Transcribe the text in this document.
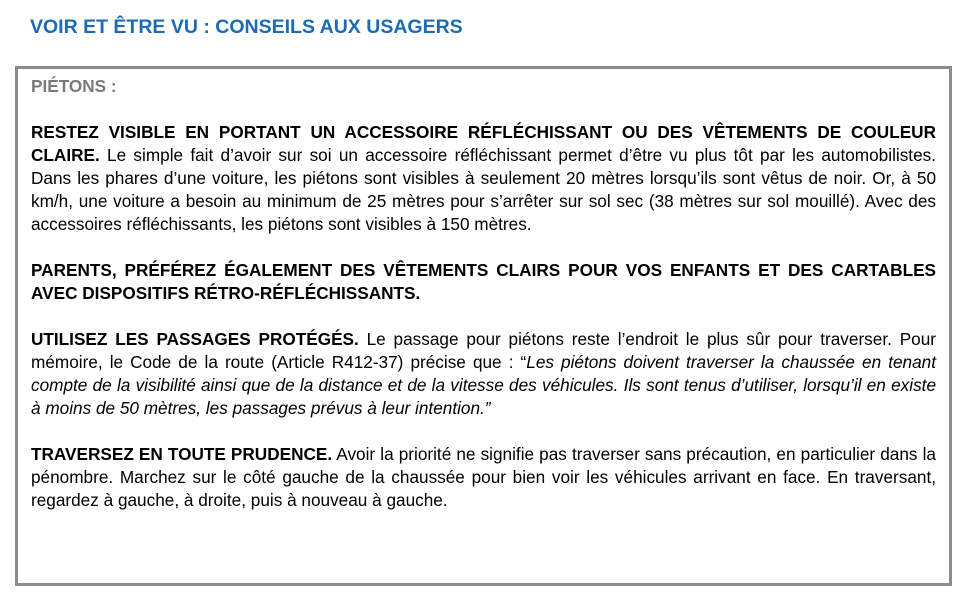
VOIR ET ÊTRE VU : CONSEILS AUX USAGERS

PIÉTONS :

RESTEZ VISIBLE EN PORTANT UN ACCESSOIRE RÉFLÉCHISSANT OU DES VÊTEMENTS DE COULEUR CLAIRE. Le simple fait d’avoir sur soi un accessoire réfléchissant permet d’être vu plus tôt par les automobilistes. Dans les phares d’une voiture, les piétons sont visibles à seulement 20 mètres lorsqu’ils sont vêtus de noir. Or, à 50 km/h, une voiture a besoin au minimum de 25 mètres pour s’arrêter sur sol sec (38 mètres sur sol mouillé). Avec des accessoires réfléchissants, les piétons sont visibles à 150 mètres.

PARENTS, PRÉFÉREZ ÉGALEMENT DES VÊTEMENTS CLAIRS POUR VOS ENFANTS ET DES CARTABLES AVEC DISPOSITIFS RÉTRO-RÉFLÉCHISSANTS.

UTILISEZ LES PASSAGES PROTÉGÉS. Le passage pour piétons reste l’endroit le plus sûr pour traverser. Pour mémoire, le Code de la route (Article R412-37) précise que : “Les piétons doivent traverser la chaussée en tenant compte de la visibilité ainsi que de la distance et de la vitesse des véhicules. Ils sont tenus d’utiliser, lorsqu’il en existe à moins de 50 mètres, les passages prévus à leur intention.”

TRAVERSEZ EN TOUTE PRUDENCE. Avoir la priorité ne signifie pas traverser sans précaution, en particulier dans la pénombre. Marchez sur le côté gauche de la chaussée pour bien voir les véhicules arrivant en face. En traversant, regardez à gauche, à droite, puis à nouveau à gauche.
